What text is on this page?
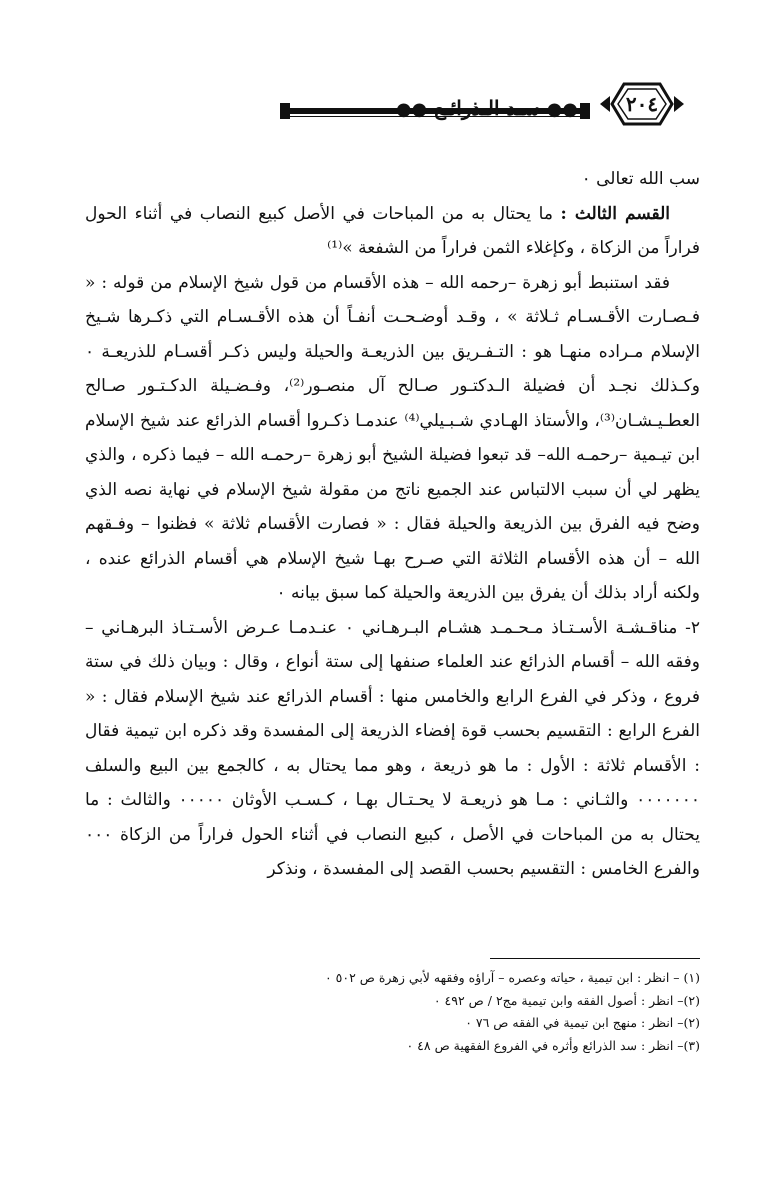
●● سـد الـذرائـع ●●	٢٠٤

سب الله تعالى ٠

القسم الثالث : ما يحتال به من المباحات في الأصل كبيع النصاب في أثناء الحول فراراً من الزكاة ، وكإغلاء الثمن فراراً من الشفعة »⁽¹⁾

فقد استنبط أبو زهرة –رحمه الله – هذه الأقسام من قول شيخ الإسلام من قوله : « فـصـارت الأقـسـام ثـلاثة » ، وقـد أوضـحـت أنفـاً أن هذه الأقـسـام التي ذكـرها شـيخ الإسلام مـراده منهـا هو : التـفـريق بين الذريعـة والحيلة وليس ذكـر أقسـام للذريعـة ٠ وكـذلك نجـد أن فضيلة الـدكتـور صـالح آل منصـور⁽²⁾، وفـضـيلة الدكـتـور صـالح العطـيـشـان⁽³⁾، والأستاذ الهـادي شـبـيلي⁽⁴⁾ عندمـا ذكـروا أقسام الذرائع عند شيخ الإسلام ابن تيـمية –رحمـه الله– قد تبعوا فضيلة الشيخ أبو زهرة –رحمـه الله – فيما ذكره ، والذي يظهر لي أن سبب الالتباس عند الجميع ناتج من مقولة شيخ الإسلام في نهاية نصه الذي وضح فيه الفرق بين الذريعة والحيلة فقال : « فصارت الأقسام ثلاثة » فظنوا – وفـقهم الله – أن هذه الأقسام الثلاثة التي صـرح بهـا شيخ الإسلام هي أقسام الذرائع عنده ، ولكنه أراد بذلك أن يفرق بين الذريعة والحيلة كما سبق بيانه ٠

٢- مناقـشـة الأسـتـاذ مـحـمـد هشـام البـرهـاني ٠ عنـدمـا عـرض الأسـتـاذ البرهـاني –وفقه الله – أقسام الذرائع عند العلماء صنفها إلى ستة أنواع ، وقال : وبيان ذلك في ستة فروع ، وذكر في الفرع الرابع والخامس منها : أقسام الذرائع عند شيخ الإسلام فقال : « الفرع الرابع : التقسيم بحسب قوة إفضاء الذريعة إلى المفسدة وقد ذكره ابن تيمية فقال : الأقسام ثلاثة : الأول : ما هو ذريعة ، وهو مما يحتال به ، كالجمع بين البيع والسلف ٠٠٠٠٠٠٠ والثـاني : مـا هو ذريعـة لا يحـتـال بهـا ، كـسـب الأوثان ٠٠٠٠٠ والثالث : ما يحتال به من المباحات في الأصل ، كبيع النصاب في أثناء الحول فراراً من الزكاة ٠٠٠ والفرع الخامس : التقسيم بحسب القصد إلى المفسدة ، ونذكر

(١) – انظر : ابن تيمية ، حياته وعصره – آراؤه وفقهه لأبي زهرة ص ٥٠٢ ٠
(٢)– انظر : أصول الفقه وابن تيمية مج٢ / ص ٤٩٢ ٠
(٢)– انظر : منهج ابن تيمية في الفقه ص ٧٦ ٠
(٣)– انظر : سد الذرائع وأثره في الفروع الفقهية ص ٤٨ ٠
